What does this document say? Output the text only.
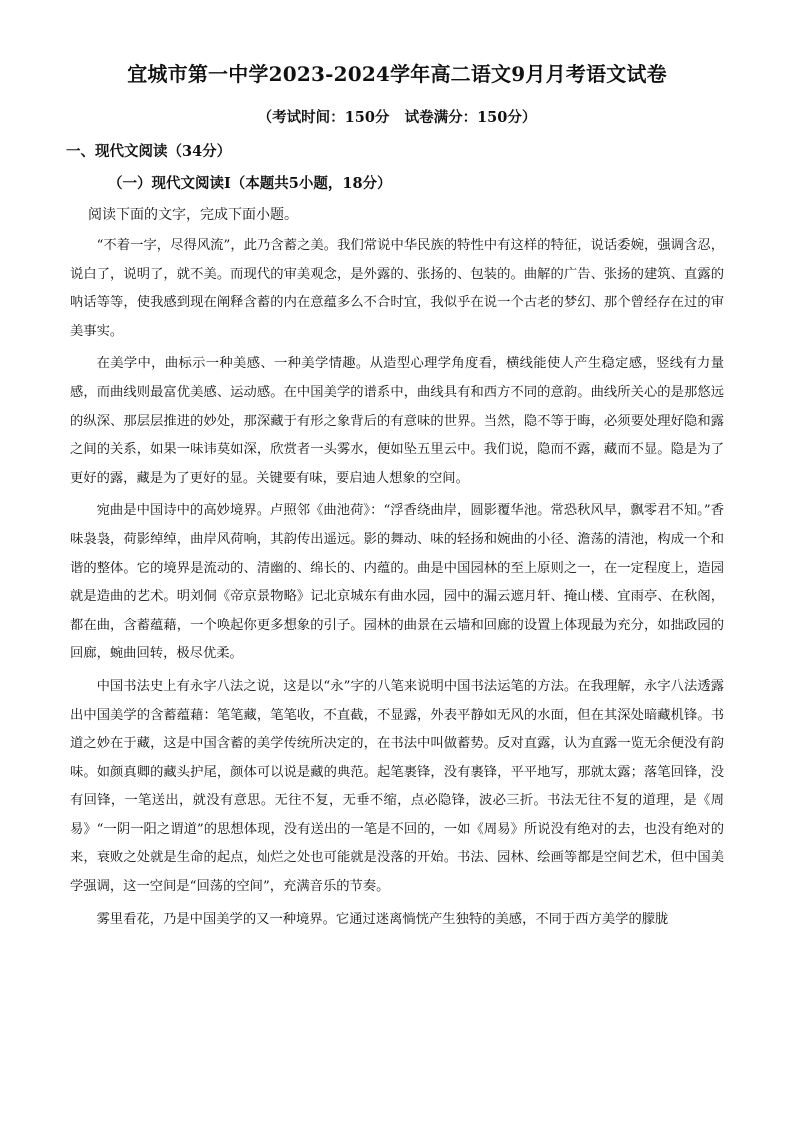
宜城市第一中学2023-2024学年高二语文9月月考语文试卷
（考试时间：150分   试卷满分：150分）
一、现代文阅读（34分）
（一）现代文阅读Ⅰ（本题共5小题，18分）
阅读下面的文字，完成下面小题。

“不着一字，尽得风流”，此乃含蓄之美。我们常说中华民族的特性中有这样的特征，说话委婉，强调含忍，说白了，说明了，就不美。而现代的审美观念，是外露的、张扬的、包装的。曲解的广告、张扬的建筑、直露的呐话等等，使我感到现在阐释含蓄的内在意蕴多么不合时宜，我似乎在说一个古老的梦幻、那个曾经存在过的审美事实。

在美学中，曲标示一种美感、一种美学情趣。从造型心理学角度看，横线能使人产生稳定感，竖线有力量感，而曲线则最富优美感、运动感。在中国美学的谱系中，曲线具有和西方不同的意韵。曲线所关心的是那悠远的纵深、那层层推进的妙处，那深藏于有形之象背后的有意味的世界。当然，隐不等于晦，必须要处理好隐和露之间的关系，如果一味讳莫如深，欣赏者一头雾水，便如坠五里云中。我们说，隐而不露，藏而不显。隐是为了更好的露，藏是为了更好的显。关键要有味，要启迪人想象的空间。

宛曲是中国诗中的高妙境界。卢照邻《曲池荷》：“浮香绕曲岸，圆影覆华池。常恐秋风早，飘零君不知。”香味袅袅，荷影绰绰，曲岸风荷响，其韵传出遥远。影的舞动、味的轻扬和婉曲的小径、澹荡的清池，构成一个和谐的整体。它的境界是流动的、清幽的、绵长的、内蕴的。曲是中国园林的至上原则之一，在一定程度上，造园就是造曲的艺术。明刘侗《帝京景物略》记北京城东有曲水园，园中的漏云遮月轩、掩山楼、宜雨亭、在秋阁，都在曲，含蓄蕴藉，一个唤起你更多想象的引子。园林的曲景在云墙和回廊的设置上体现最为充分，如拙政园的回廊，蜿曲回转，极尽优柔。

中国书法史上有永字八法之说，这是以“永”字的八笔来说明中国书法运笔的方法。在我理解，永字八法透露出中国美学的含蓄蕴藉：笔笔藏，笔笔收，不直截，不显露，外表平静如无风的水面，但在其深处暗藏机锋。书道之妙在于藏，这是中国含蓄的美学传统所决定的，在书法中叫做蓄势。反对直露，认为直露一览无余便没有韵味。如颜真卿的藏头护尾，颜体可以说是藏的典范。起笔裹锋，没有裹锋，平平地写，那就太露；落笔回锋，没有回锋，一笔送出，就没有意思。无往不复，无垂不缩，点必隐锋，波必三折。书法无往不复的道理，是《周易》“一阴一阳之谓道”的思想体现，没有送出的一笔是不回的，一如《周易》所说没有绝对的去，也没有绝对的来，衰败之处就是生命的起点，灿烂之处也可能就是没落的开始。书法、园林、绘画等都是空间艺术，但中国美学强调，这一空间是“回荡的空间”，充满音乐的节奏。

雾里看花，乃是中国美学的又一种境界。它通过迷离惝恍产生独特的美感，不同于西方美学的朦胧
